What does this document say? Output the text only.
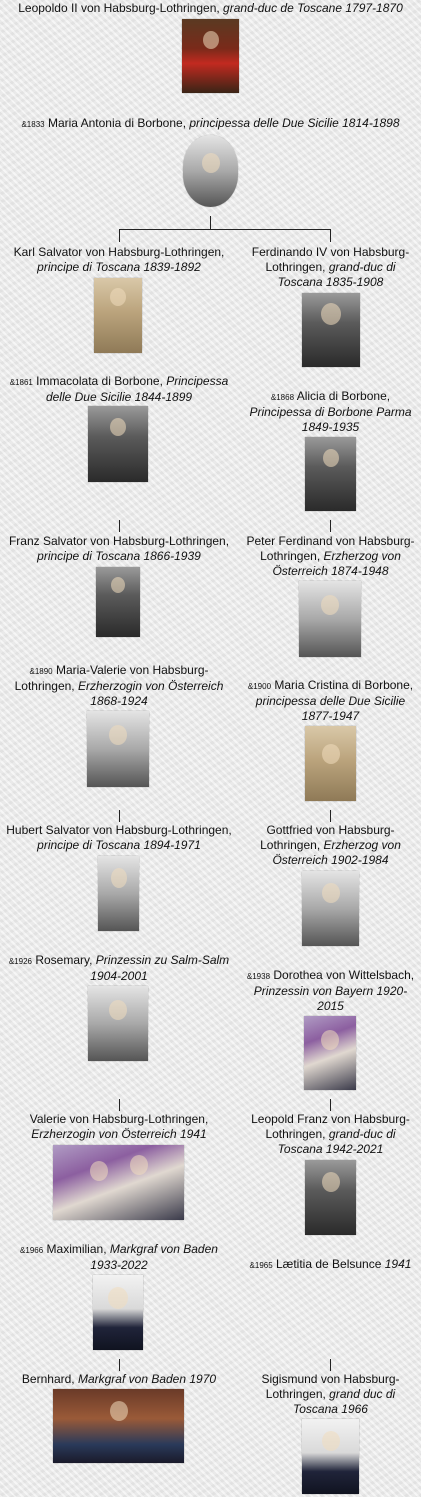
Leopoldo II von Habsburg-Lothringen, grand-duc de Toscane 1797-1870
&1833 Maria Antonia di Borbone, principessa delle Due Sicilie 1814-1898
Karl Salvator von Habsburg-Lothringen, principe di Toscana 1839-1892
Ferdinando IV von Habsburg-Lothringen, grand-duc di Toscana 1835-1908
&1861 Immacolata di Borbone, Principessa delle Due Sicilie 1844-1899	&1868 Alicia di Borbone, Principessa di Borbone Parma 1849-1935
Franz Salvator von Habsburg-Lothringen, principe di Toscana 1866-1939
Peter Ferdinand von Habsburg-Lothringen, Erzherzog von Österreich 1874-1948
&1890 Maria-Valerie von Habsburg-Lothringen, Erzherzogin von Österreich 1868-1924
&1900 Maria Cristina di Borbone, principessa delle Due Sicilie 1877-1947
Hubert Salvator von Habsburg-Lothringen, principe di Toscana 1894-1971
Gottfried von Habsburg-Lothringen, Erzherzog von Österreich 1902-1984
&1926 Rosemary, Prinzessin zu Salm-Salm 1904-2001	&1938 Dorothea von Wittelsbach, Prinzessin von Bayern 1920-2015
Valerie von Habsburg-Lothringen, Erzherzogin von Österreich 1941
Leopold Franz von Habsburg-Lothringen, grand-duc di Toscana 1942-2021
&1966 Maximilian, Markgraf von Baden 1933-2022	&1965 Lætitia de Belsunce 1941
Bernhard, Markgraf von Baden 1970	Sigismund von Habsburg-Lothringen, grand duc di Toscana 1966
